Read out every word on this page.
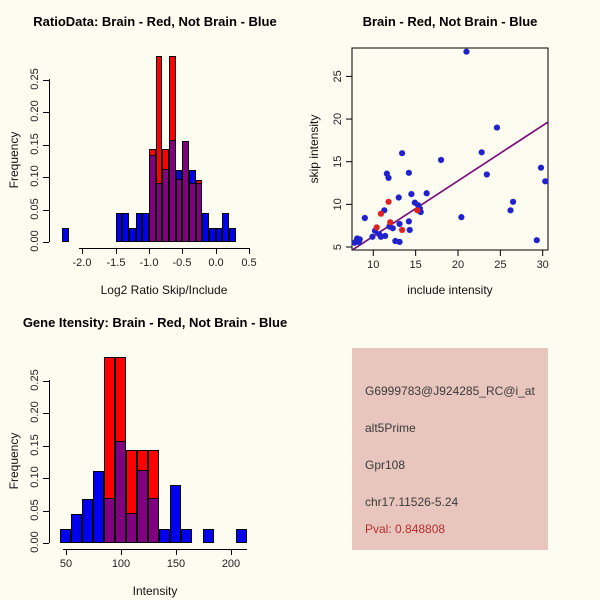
RatioData: Brain - Red, Not Brain - Blue	Brain - Red, Not Brain - Blue
Gene Itensity: Brain - Red, Not Brain - Blue
Log2 Ratio Skip/Include
Frequency
include intensity
skip intensity
Intensity
Frequency
0.00
0.05
0.10
0.15
0.20
0.25
-2.0	-1.5	-1.0	-0.5	0.0	0.5
0.00
0.05
0.10
0.15
0.20
0.25
50	100	150	200
10	15	20	25	30
5
10
15
20
25
G6999783@J924285_RC@i_at
alt5Prime
Gpr108
chr17.11526-5.24
Pval: 0.848808
